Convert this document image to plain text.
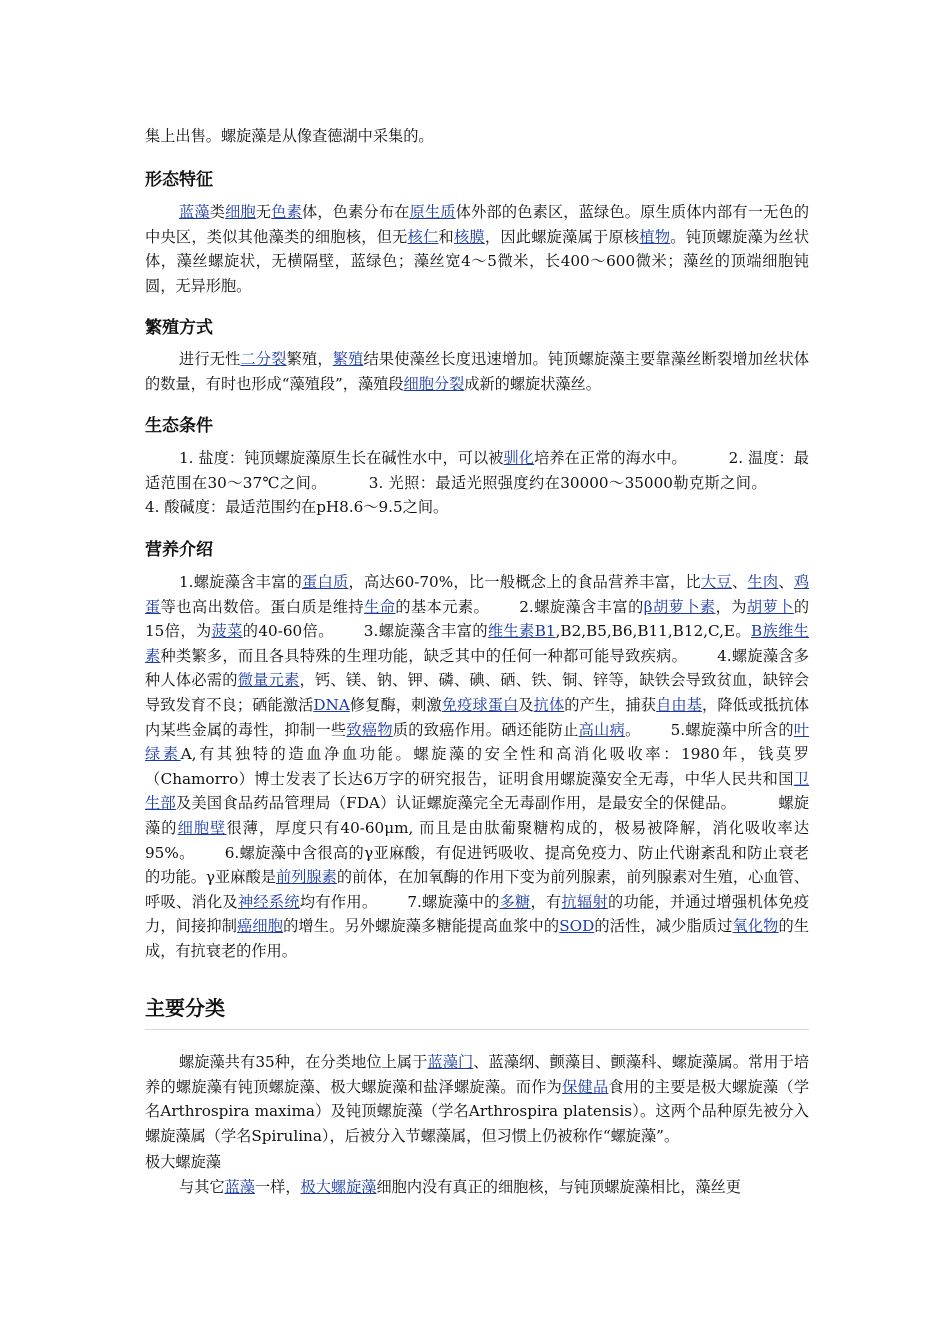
集上出售。螺旋藻是从像查德湖中采集的。

形态特征

蓝藻类细胞无色素体，色素分布在原生质体外部的色素区，蓝绿色。原生质体内部有一无色的中央区，类似其他藻类的细胞核，但无核仁和核膜，因此螺旋藻属于原核植物。钝顶螺旋藻为丝状体，藻丝螺旋状，无横隔壁，蓝绿色；藻丝宽4～5微米，长400～600微米；藻丝的顶端细胞钝圆，无异形胞。

繁殖方式

进行无性二分裂繁殖，繁殖结果使藻丝长度迅速增加。钝顶螺旋藻主要靠藻丝断裂增加丝状体的数量，有时也形成“藻殖段”，藻殖段细胞分裂成新的螺旋状藻丝。

生态条件

1. 盐度：钝顶螺旋藻原生长在碱性水中，可以被驯化培养在正常的海水中。	2. 温度：最适范围在30～37℃之间。	3. 光照：最适光照强度约在30000～35000勒克斯之间。4. 酸碱度：最适范围约在pH8.6～9.5之间。

营养介绍

1.螺旋藻含丰富的蛋白质，高达60-70%，比一般概念上的食品营养丰富，比大豆、生肉、鸡蛋等也高出数倍。蛋白质是维持生命的基本元素。 2.螺旋藻含丰富的β胡萝卜素，为胡萝卜的15倍，为菠菜的40-60倍。 3.螺旋藻含丰富的维生素B1,B2,B5,B6,B11,B12,C,E。B族维生素种类繁多，而且各具特殊的生理功能，缺乏其中的任何一种都可能导致疾病。 4.螺旋藻含多种人体必需的微量元素，钙、镁、钠、钾、磷、碘、硒、铁、铜、锌等，缺铁会导致贫血，缺锌会导致发育不良；硒能激活DNA修复酶，刺激免疫球蛋白及抗体的产生，捕获自由基，降低或抵抗体内某些金属的毒性，抑制一些致癌物质的致癌作用。硒还能防止高山病。 5.螺旋藻中所含的叶绿素A,有其独特的造血净血功能。螺旋藻的安全性和高消化吸收率：1980年，钱莫罗（Chamorro）博士发表了长达6万字的研究报告，证明食用螺旋藻安全无毒，中华人民共和国卫生部及美国食品药品管理局（FDA）认证螺旋藻完全无毒副作用，是最安全的保健品。	螺旋藻的细胞壁很薄，厚度只有40-60μm, 而且是由肽葡聚糖构成的，极易被降解，消化吸收率达95%。 6.螺旋藻中含很高的γ亚麻酸，有促进钙吸收、提高免疫力、防止代谢紊乱和防止衰老的功能。γ亚麻酸是前列腺素的前体，在加氧酶的作用下变为前列腺素，前列腺素对生殖，心血管、呼吸、消化及神经系统均有作用。 7.螺旋藻中的多糖，有抗辐射的功能，并通过增强机体免疫力，间接抑制癌细胞的增生。另外螺旋藻多糖能提高血浆中的SOD的活性，减少脂质过氧化物的生成，有抗衰老的作用。

主要分类

螺旋藻共有35种，在分类地位上属于蓝藻门、蓝藻纲、颤藻目、颤藻科、螺旋藻属。常用于培养的螺旋藻有钝顶螺旋藻、极大螺旋藻和盐泽螺旋藻。而作为保健品食用的主要是极大螺旋藻（学名Arthrospira maxima）及钝顶螺旋藻（学名Arthrospira platensis）。这两个品种原先被分入螺旋藻属（学名Spirulina），后被分入节螺藻属，但习惯上仍被称作“螺旋藻”。

极大螺旋藻

与其它蓝藻一样，极大螺旋藻细胞内没有真正的细胞核，与钝顶螺旋藻相比，藻丝更
